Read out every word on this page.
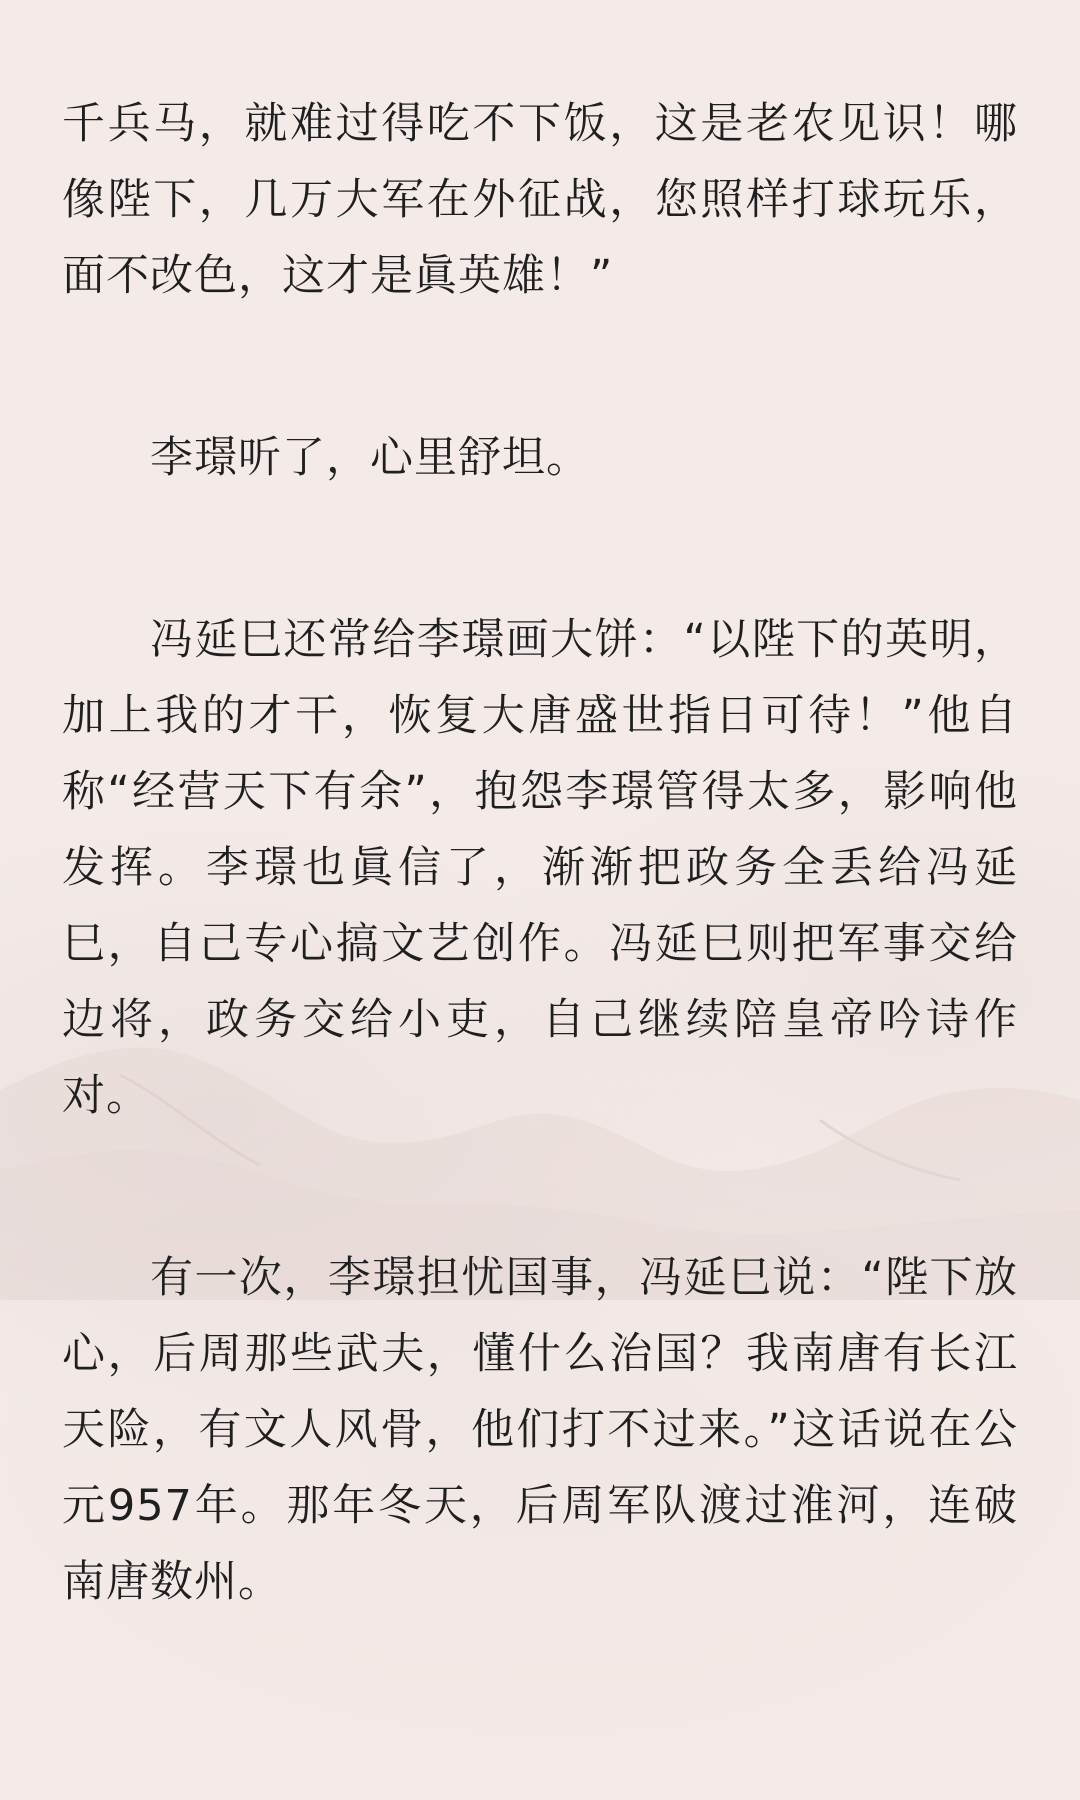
千兵马，就难过得吃不下饭，这是老农见识！哪像陛下，几万大军在外征战，您照样打球玩乐，面不改色，这才是眞英雄！”

李璟听了，心里舒坦。

冯延巳还常给李璟画大饼：“以陛下的英明，加上我的才干，恢复大唐盛世指日可待！”他自称“经营天下有余”，抱怨李璟管得太多，影响他发挥。李璟也眞信了，渐渐把政务全丢给冯延巳，自己专心搞文艺创作。冯延巳则把军事交给边将，政务交给小吏，自己继续陪皇帝吟诗作对。

有一次，李璟担忧国事，冯延巳说：“陛下放心，后周那些武夫，懂什么治国？我南唐有长江天险，有文人风骨，他们打不过来。”这话说在公元957年。那年冬天，后周军队渡过淮河，连破南唐数州。
